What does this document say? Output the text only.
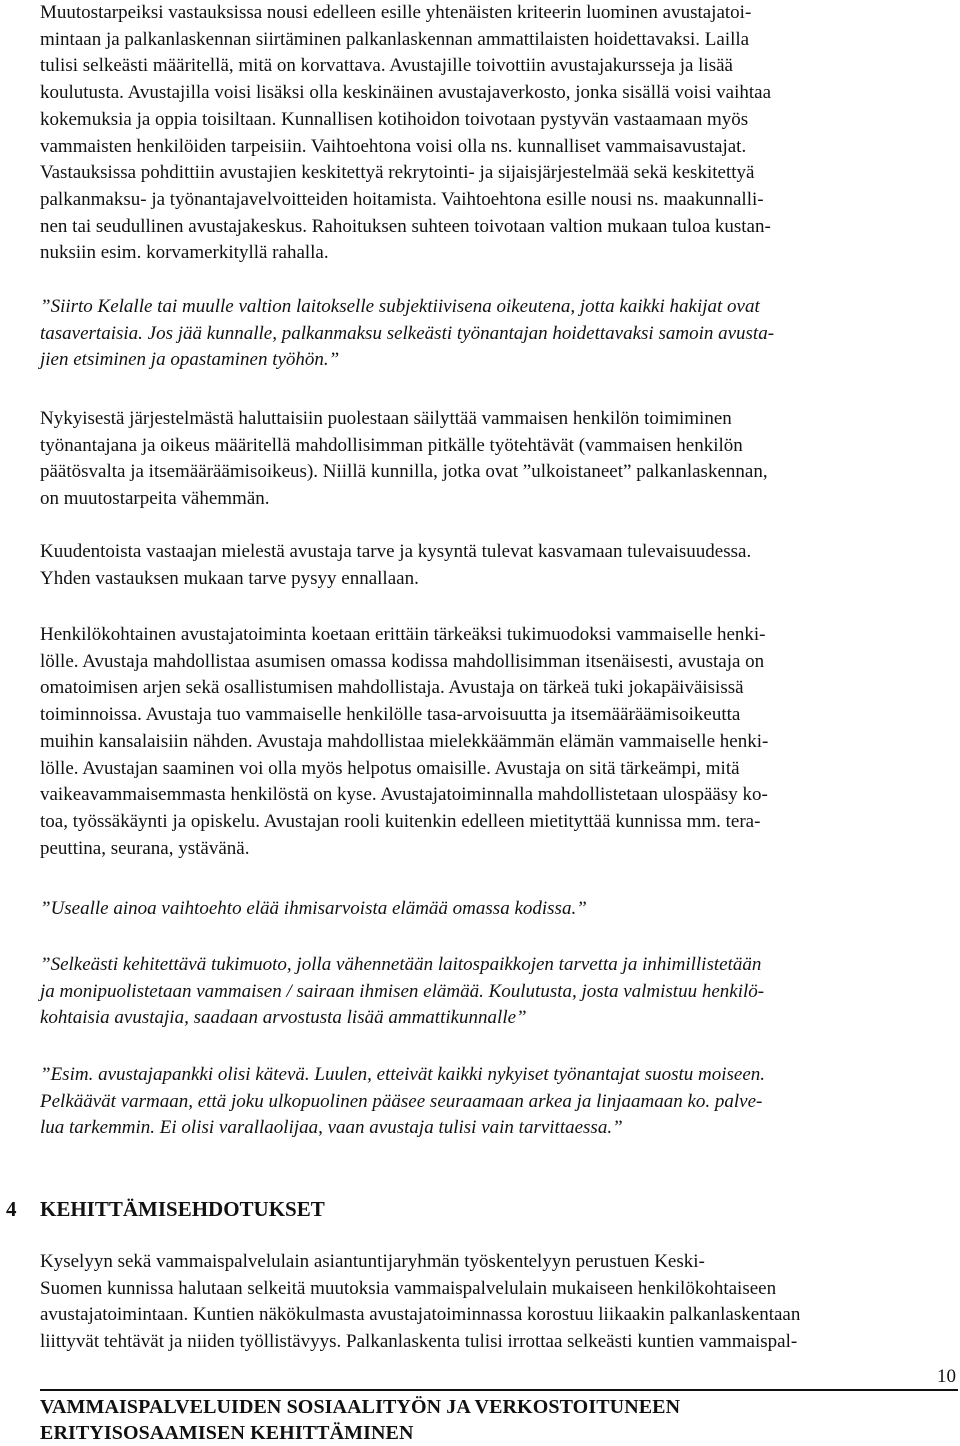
Muutostarpeiksi vastauksissa nousi edelleen esille yhtenäisten kriteerin luominen avustajatoi-
mintaan ja palkanlaskennan siirtäminen palkanlaskennan ammattilaisten hoidettavaksi. Lailla
tulisi selkeästi määritellä, mitä on korvattava. Avustajille toivottiin avustajakursseja ja lisää
koulutusta. Avustajilla voisi lisäksi olla keskinäinen avustajaverkosto, jonka sisällä voisi vaihtaa
kokemuksia ja oppia toisiltaan. Kunnallisen kotihoidon toivotaan pystyvän vastaamaan myös
vammaisten henkilöiden tarpeisiin. Vaihtoehtona voisi olla ns. kunnalliset vammaisavustajat.
Vastauksissa pohdittiin avustajien keskitettyä rekrytointi- ja sijaisjärjestelmää sekä keskitettyä
palkanmaksu- ja työnantajavelvoitteiden hoitamista. Vaihtoehtona esille nousi ns. maakunnalli-
nen tai seudullinen avustajakeskus. Rahoituksen suhteen toivotaan valtion mukaan tuloa kustan-
nuksiin esim. korvamerkityllä rahalla.
”Siirto Kelalle tai muulle valtion laitokselle subjektiivisena oikeutena, jotta kaikki hakijat ovat
tasavertaisia. Jos jää kunnalle, palkanmaksu selkeästi työnantajan hoidettavaksi samoin avusta-
jien etsiminen ja opastaminen työhön.”
Nykyisestä järjestelmästä haluttaisiin puolestaan säilyttää vammaisen henkilön toimiminen
työnantajana ja oikeus määritellä mahdollisimman pitkälle työtehtävät (vammaisen henkilön
päätösvalta ja itsemääräämisoikeus). Niillä kunnilla, jotka ovat ”ulkoistaneet” palkanlaskennan,
on muutostarpeita vähemmän.
Kuudentoista vastaajan mielestä avustaja tarve ja kysyntä tulevat kasvamaan tulevaisuudessa.
Yhden vastauksen mukaan tarve pysyy ennallaan.
Henkilökohtainen avustajatoiminta koetaan erittäin tärkeäksi tukimuodoksi vammaiselle henki-
lölle. Avustaja mahdollistaa asumisen omassa kodissa mahdollisimman itsenäisesti, avustaja on
omatoimisen arjen sekä osallistumisen mahdollistaja. Avustaja on tärkeä tuki jokapäiväisissä
toiminnoissa. Avustaja tuo vammaiselle henkilölle tasa-arvoisuutta ja itsemääräämisoikeutta
muihin kansalaisiin nähden. Avustaja mahdollistaa mielekkäämmän elämän vammaiselle henki-
lölle. Avustajan saaminen voi olla myös helpotus omaisille. Avustaja on sitä tärkeämpi, mitä
vaikeavammaisemmasta henkilöstä on kyse. Avustajatoiminnalla mahdollistetaan ulospääsy ko-
toa, työssäkäynti ja opiskelu. Avustajan rooli kuitenkin edelleen mietityttää kunnissa mm. tera-
peuttina, seurana, ystävänä.
”Usealle ainoa vaihtoehto elää ihmisarvoista elämää omassa kodissa.”
”Selkeästi kehitettävä tukimuoto, jolla vähennetään laitospaikkojen tarvetta ja inhimillistetään
ja monipuolistetaan vammaisen / sairaan ihmisen elämää. Koulutusta, josta valmistuu henkilö-
kohtaisia avustajia, saadaan arvostusta lisää ammattikunnalle”
”Esim. avustajapankki olisi kätevä. Luulen, etteivät kaikki nykyiset työnantajat suostu moiseen.
Pelkäävät varmaan, että joku ulkopuolinen pääsee seuraamaan arkea ja linjaamaan ko. palve-
lua tarkemmin. Ei olisi varallaolijaa, vaan avustaja tulisi vain tarvittaessa.”
4 KEHITTÄMISEHDOTUKSET
Kyselyyn sekä vammaispalvelulain asiantuntijaryhmän työskentelyyn perustuen Keski-
Suomen kunnissa halutaan selkeitä muutoksia vammaispalvelulain mukaiseen henkilökohtaiseen
avustajatoimintaan. Kuntien näkökulmasta avustajatoiminnassa korostuu liikaakin palkanlaskentaan
liittyvät tehtävät ja niiden työllistävyys. Palkanlaskenta tulisi irrottaa selkeästi kuntien vammaispal-
10
VAMMAISPALVELUIDEN SOSIAALITYÖN JA VERKOSTOITUNEEN
ERITYISOSAAMISEN KEHITTÄMINEN
